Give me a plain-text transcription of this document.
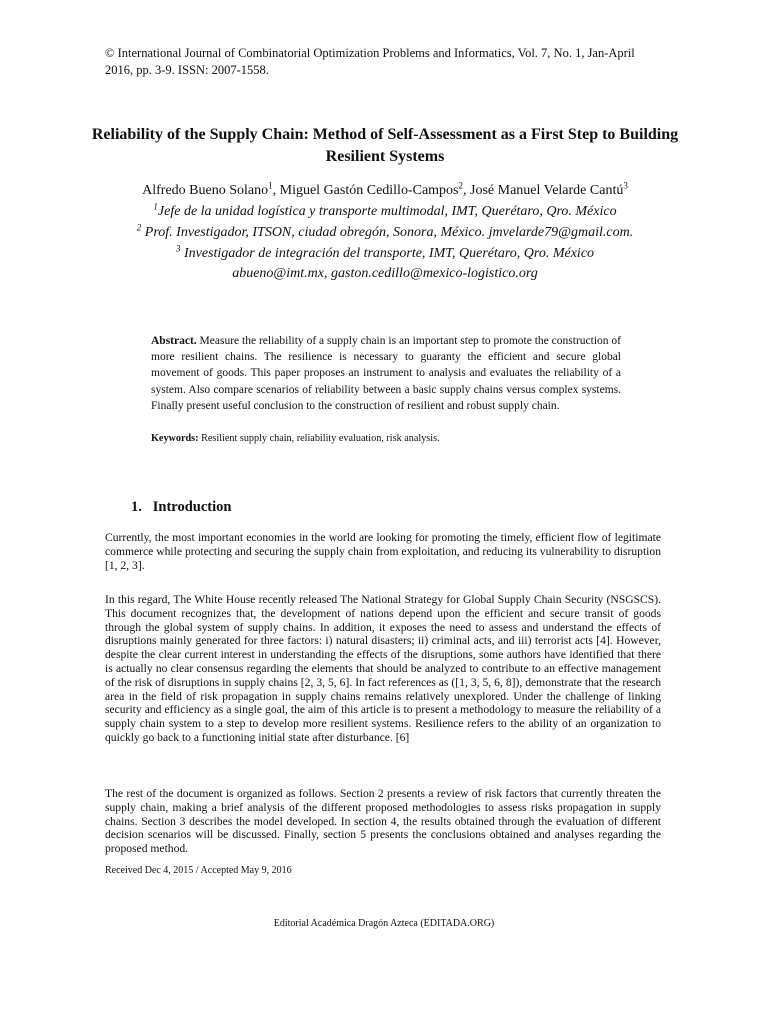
© International Journal of Combinatorial Optimization Problems and Informatics, Vol. 7, No. 1, Jan-April 2016, pp. 3-9. ISSN: 2007-1558.
Reliability of the Supply Chain: Method of Self-Assessment as a First Step to Building Resilient Systems
Alfredo Bueno Solano$^1$, Miguel Gastón Cedillo-Campos$^2$, José Manuel Velarde Cantú$^3$
$^1$Jefe de la unidad logística y transporte multimodal, IMT, Querétaro, Qro. México
$^2$ Prof. Investigador, ITSON, ciudad obregón, Sonora, México. jmvelarde79@gmail.com.
$^3$ Investigador de integración del transporte, IMT, Querétaro, Qro. México
abueno@imt.mx, gaston.cedillo@mexico-logistico.org
Abstract. Measure the reliability of a supply chain is an important step to promote the construction of more resilient chains. The resilience is necessary to guaranty the efficient and secure global movement of goods. This paper proposes an instrument to analysis and evaluates the reliability of a system. Also compare scenarios of reliability between a basic supply chains versus complex systems. Finally present useful conclusion to the construction of resilient and robust supply chain.
Keywords: Resilient supply chain, reliability evaluation, risk analysis.
1. Introduction
Currently, the most important economies in the world are looking for promoting the timely, efficient flow of legitimate commerce while protecting and securing the supply chain from exploitation, and reducing its vulnerability to disruption [1, 2, 3].
In this regard, The White House recently released The National Strategy for Global Supply Chain Security (NSGSCS). This document recognizes that, the development of nations depend upon the efficient and secure transit of goods through the global system of supply chains. In addition, it exposes the need to assess and understand the effects of disruptions mainly generated for three factors: i) natural disasters; ii) criminal acts, and iii) terrorist acts [4]. However, despite the clear current interest in understanding the effects of the disruptions, some authors have identified that there is actually no clear consensus regarding the elements that should be analyzed to contribute to an effective management of the risk of disruptions in supply chains [2, 3, 5, 6]. In fact references as ([1, 3, 5, 6, 8]), demonstrate that the research area in the field of risk propagation in supply chains remains relatively unexplored. Under the challenge of linking security and efficiency as a single goal, the aim of this article is to present a methodology to measure the reliability of a supply chain system to a step to develop more resilient systems. Resilience refers to the ability of an organization to quickly go back to a functioning initial state after disturbance. [6]
The rest of the document is organized as follows. Section 2 presents a review of risk factors that currently threaten the supply chain, making a brief analysis of the different proposed methodologies to assess risks propagation in supply chains. Section 3 describes the model developed. In section 4, the results obtained through the evaluation of different decision scenarios will be discussed. Finally, section 5 presents the conclusions obtained and analyses regarding the proposed method.
Received Dec 4, 2015 / Accepted May 9, 2016
Editorial Académica Dragón Azteca (EDITADA.ORG)
